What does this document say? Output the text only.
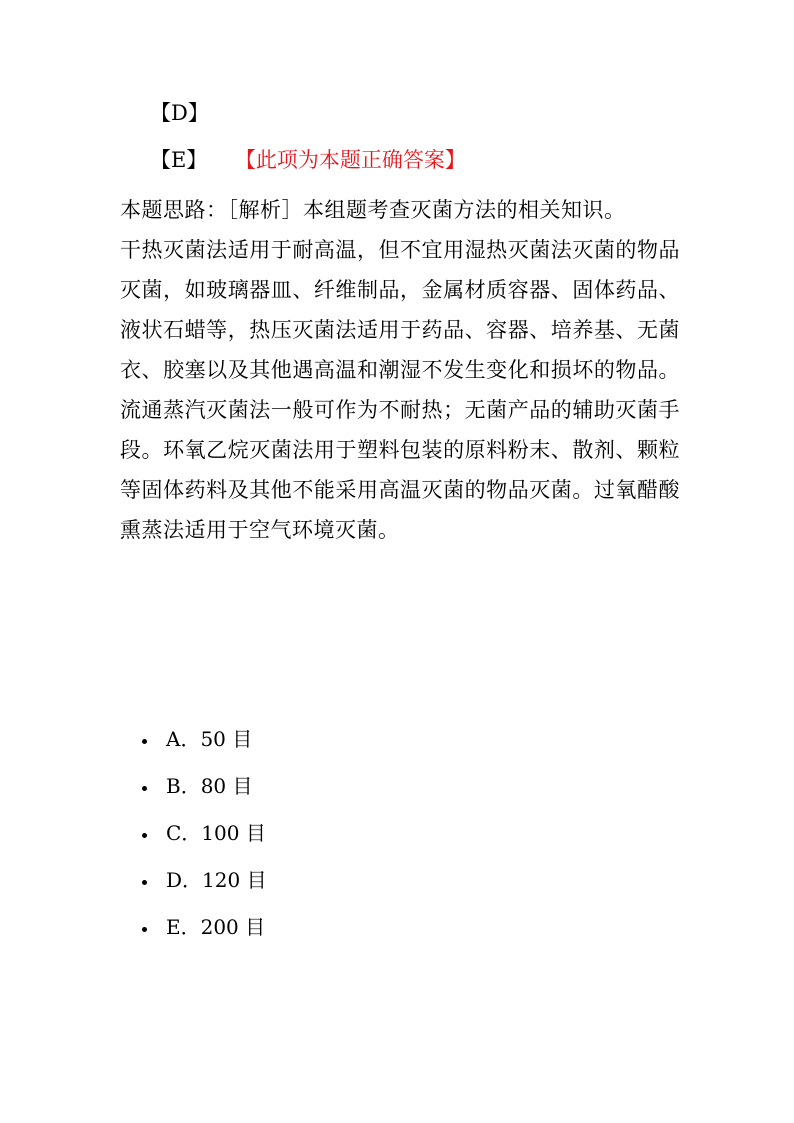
【D】
【E】 【此项为本题正确答案】

本题思路：［解析］本组题考查灭菌方法的相关知识。

干热灭菌法适用于耐高温，但不宜用湿热灭菌法灭菌的物品灭菌，如玻璃器皿、纤维制品，金属材质容器、固体药品、液状石蜡等，热压灭菌法适用于药品、容器、培养基、无菌衣、胶塞以及其他遇高温和潮湿不发生变化和损坏的物品。流通蒸汽灭菌法一般可作为不耐热；无菌产品的辅助灭菌手段。环氧乙烷灭菌法用于塑料包装的原料粉末、散剂、颗粒等固体药料及其他不能采用高温灭菌的物品灭菌。过氧醋酸熏蒸法适用于空气环境灭菌。

A．50 目
B．80 目
C．100 目
D．120 目
E．200 目
